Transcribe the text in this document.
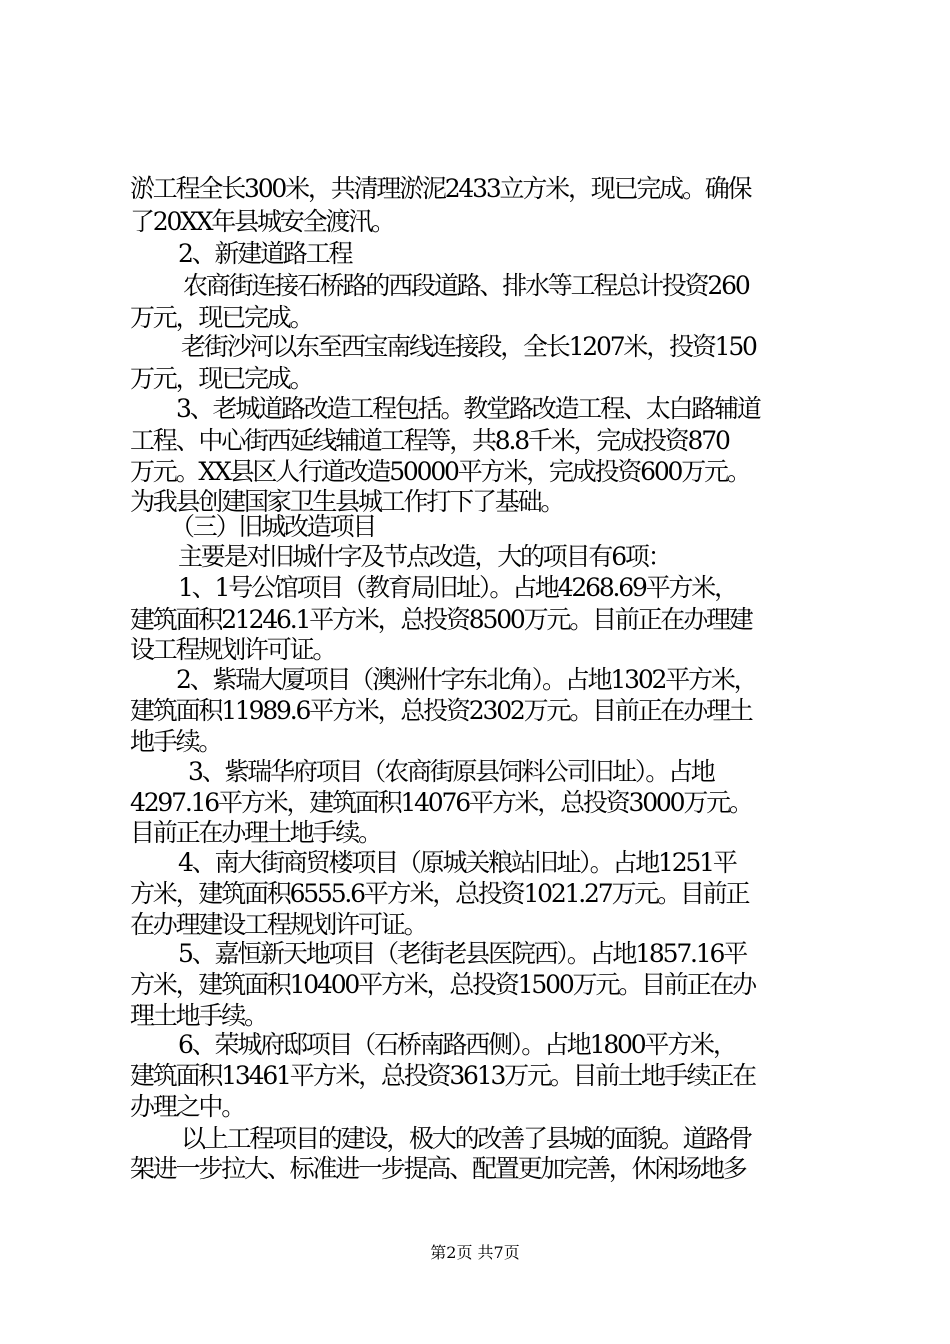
淤工程全长300米，共清理淤泥2433立方米，现已完成。确保
了20XX年县城安全渡汛。
2、新建道路工程
农商街连接石桥路的西段道路、排水等工程总计投资260
万元，现已完成。
老街沙河以东至西宝南线连接段，全长1207米，投资150
万元，现已完成。
3、老城道路改造工程包括。教堂路改造工程、太白路辅道
工程、中心街西延线辅道工程等，共8.8千米，完成投资870
万元。XX县区人行道改造50000平方米，完成投资600万元。
为我县创建国家卫生县城工作打下了基础。
（三）旧城改造项目
主要是对旧城什字及节点改造，大的项目有6项：
1、1号公馆项目（教育局旧址）。占地4268.69平方米，
建筑面积21246.1平方米，总投资8500万元。目前正在办理建
设工程规划许可证。
2、紫瑞大厦项目（澳洲什字东北角）。占地1302平方米，
建筑面积11989.6平方米，总投资2302万元。目前正在办理土
地手续。
3、紫瑞华府项目（农商街原县饲料公司旧址）。占地
4297.16平方米，建筑面积14076平方米，总投资3000万元。
目前正在办理土地手续。
4、南大街商贸楼项目（原城关粮站旧址）。占地1251平
方米，建筑面积6555.6平方米，总投资1021.27万元。目前正
在办理建设工程规划许可证。
5、嘉恒新天地项目（老街老县医院西）。占地1857.16平
方米，建筑面积10400平方米，总投资1500万元。目前正在办
理土地手续。
6、荣城府邸项目（石桥南路西侧）。占地1800平方米，
建筑面积13461平方米，总投资3613万元。目前土地手续正在
办理之中。
以上工程项目的建设，极大的改善了县城的面貌。道路骨
架进一步拉大、标准进一步提高、配置更加完善，休闲场地多
第2页 共7页
